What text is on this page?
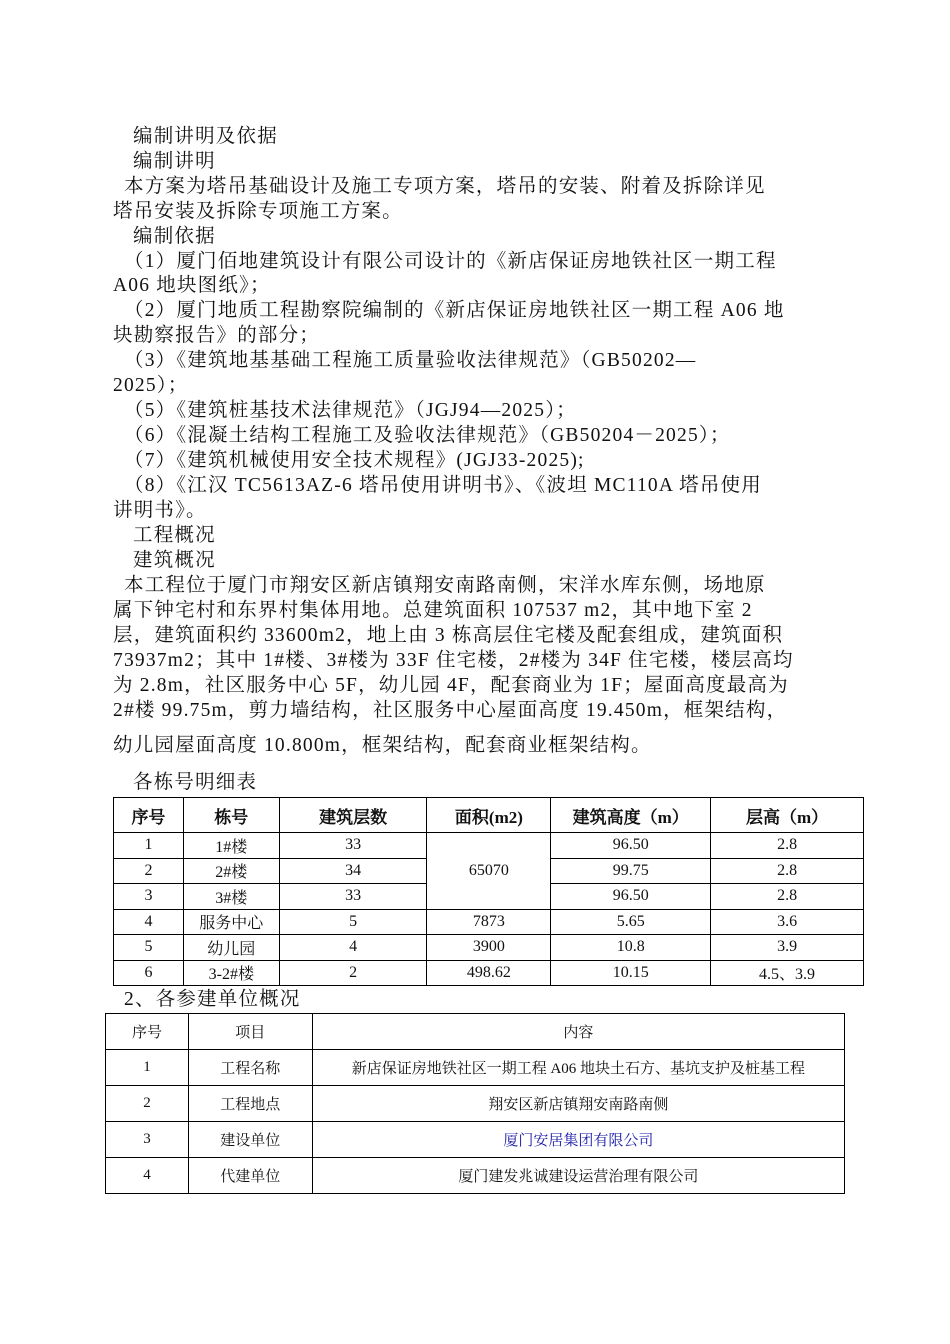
编制讲明及依据
编制讲明
本方案为塔吊基础设计及施工专项方案，塔吊的安装、附着及拆除详见
塔吊安装及拆除专项施工方案。
编制依据
（1）厦门佰地建筑设计有限公司设计的《新店保证房地铁社区一期工程
A06 地块图纸》；
（2）厦门地质工程勘察院编制的《新店保证房地铁社区一期工程 A06 地
块勘察报告》的部分；
（3）《建筑地基基础工程施工质量验收法律规范》（GB50202—
2025）；
（5）《建筑桩基技术法律规范》（JGJ94—2025）；
（6）《混凝土结构工程施工及验收法律规范》（GB50204－2025）；
（7）《建筑机械使用安全技术规程》(JGJ33-2025);
（8）《江汉 TC5613AZ-6 塔吊使用讲明书》、《波坦 MC110A 塔吊使用
讲明书》。
工程概况
建筑概况
本工程位于厦门市翔安区新店镇翔安南路南侧，宋洋水库东侧，场地原
属下钟宅村和东界村集体用地。总建筑面积 107537 m2，其中地下室 2
层，建筑面积约 33600m2，地上由 3 栋高层住宅楼及配套组成，建筑面积
73937m2；其中 1#楼、3#楼为 33F 住宅楼，2#楼为 34F 住宅楼，楼层高均
为 2.8m，社区服务中心 5F，幼儿园 4F，配套商业为 1F；屋面高度最高为
2#楼 99.75m，剪力墙结构，社区服务中心屋面高度 19.450m，框架结构，
幼儿园屋面高度 10.800m，框架结构，配套商业框架结构。
各栋号明细表
序号	栋号	建筑层数	面积(m2)	建筑高度（m）	层高（m）
1	1#楼	33	65070	96.50	2.8
2	2#楼	34		99.75	2.8
3	3#楼	33		96.50	2.8
4	服务中心	5	7873	5.65	3.6
5	幼儿园	4	3900	10.8	3.9
6	3-2#楼	2	498.62	10.15	4.5、3.9
2、各参建单位概况
序号	项目	内容
1	工程名称	新店保证房地铁社区一期工程 A06 地块土石方、基坑支护及桩基工程
2	工程地点	翔安区新店镇翔安南路南侧
3	建设单位	厦门安居集团有限公司
4	代建单位	厦门建发兆诚建设运营治理有限公司
